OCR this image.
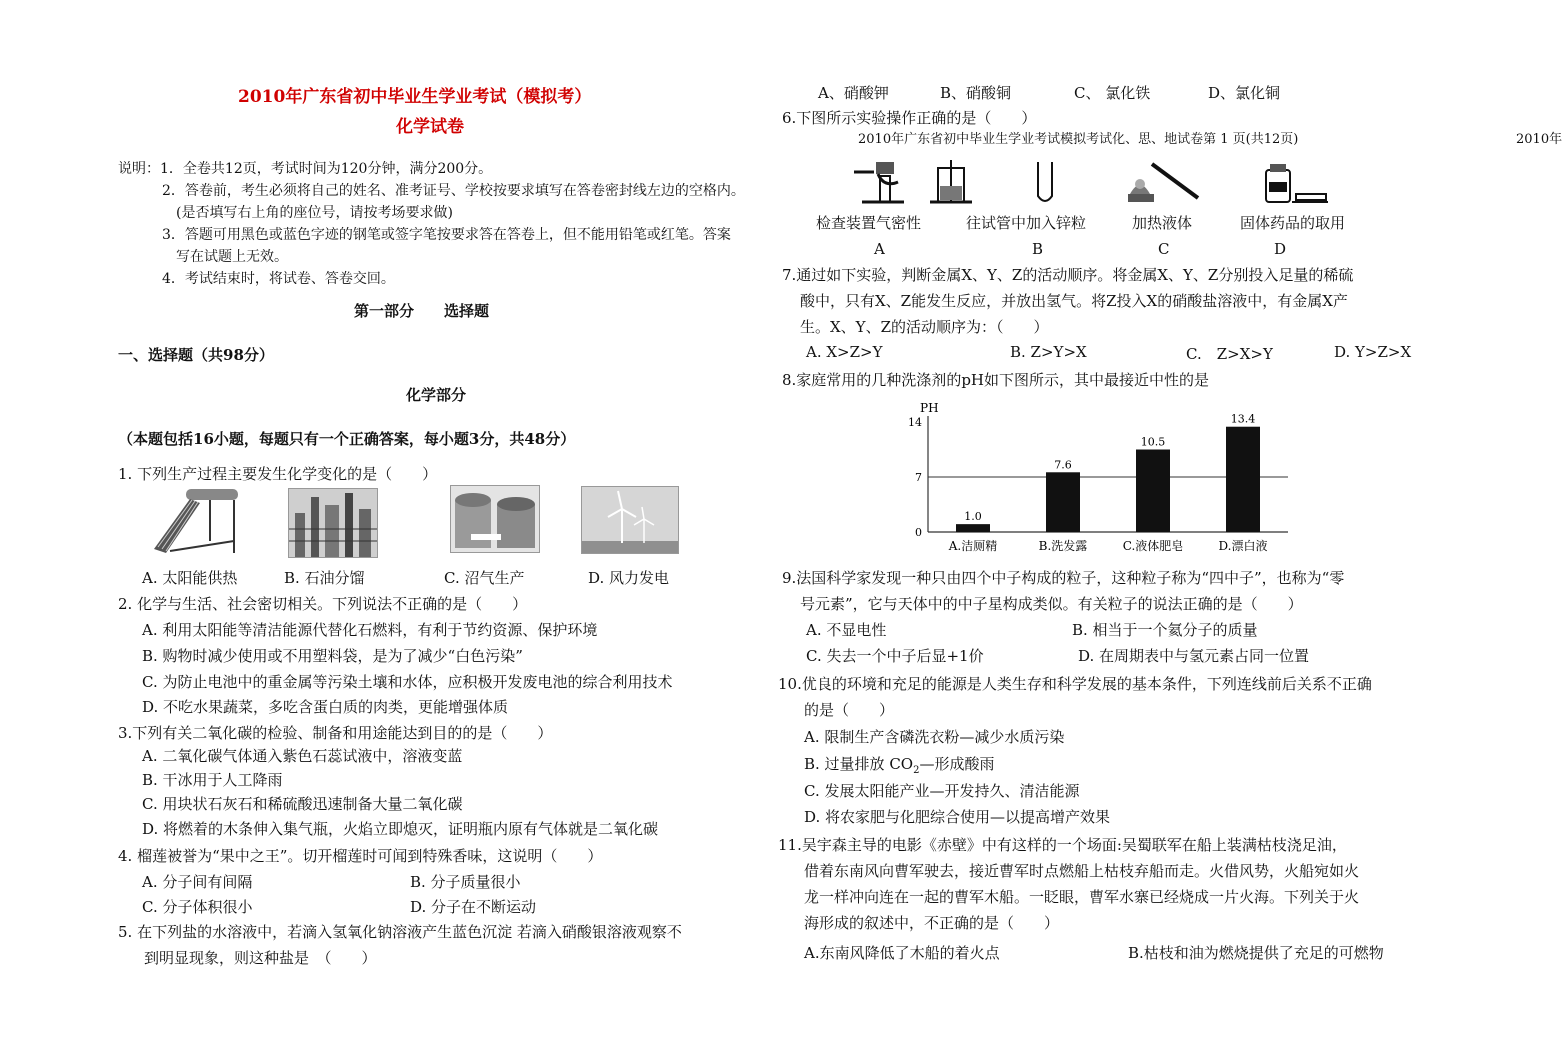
2010年广东省初中毕业生学业考试（模拟考）
化学试卷
说明：1．全卷共12页，考试时间为120分钟，满分200分。
2．答卷前，考生必须将自己的姓名、准考证号、学校按要求填写在答卷密封线左边的空格内。
(是否填写右上角的座位号，请按考场要求做)
3．答题可用黑色或蓝色字迹的钢笔或签字笔按要求答在答卷上，但不能用铅笔或红笔。答案
写在试题上无效。
4．考试结束时，将试卷、答卷交回。
第一部分　　选择题
一、选择题（共98分）
化学部分
（本题包括16小题，每题只有一个正确答案，每小题3分，共48分）
1. 下列生产过程主要发生化学变化的是（　　）
A. 太阳能供热	B. 石油分馏	C. 沼气生产	D. 风力发电
2. 化学与生活、社会密切相关。下列说法不正确的是（　　）
A. 利用太阳能等清洁能源代替化石燃料，有利于节约资源、保护环境
B. 购物时减少使用或不用塑料袋，是为了减少“白色污染”
C. 为防止电池中的重金属等污染土壤和水体，应积极开发废电池的综合利用技术
D. 不吃水果蔬菜，多吃含蛋白质的肉类，更能增强体质
3.下列有关二氧化碳的检验、制备和用途能达到目的的是（　　）
A. 二氧化碳气体通入紫色石蕊试液中，溶液变蓝
B. 干冰用于人工降雨
C. 用块状石灰石和稀硫酸迅速制备大量二氧化碳
D. 将燃着的木条伸入集气瓶，火焰立即熄灭，证明瓶内原有气体就是二氧化碳
4. 榴莲被誉为“果中之王”。切开榴莲时可闻到特殊香味，这说明（　　）
A. 分子间有间隔	B. 分子质量很小
C. 分子体积很小	D. 分子在不断运动
5. 在下列盐的水溶液中，若滴入氢氧化钠溶液产生蓝色沉淀 若滴入硝酸银溶液观察不
到明显现象，则这种盐是　（　　）
A、硝酸钾	B、硝酸铜	C、 氯化铁	D、氯化铜
6.下图所示实验操作正确的是（　　）
2010年广东省初中毕业生学业考试模拟考试化、思、地试卷第 1 页(共12页)	2010年
检查装置气密性	往试管中加入锌粒	加热液体	固体药品的取用
A	B	C	D
7.通过如下实验，判断金属X、Y、Z的活动顺序。将金属X、Y、Z分别投入足量的稀硫
酸中，只有X、Z能发生反应，并放出氢气。将Z投入X的硝酸盐溶液中，有金属X产
生。X、Y、Z的活动顺序为：（　　）
A. X>Z>Y	B. Z>Y>X	C.　Z>X>Y	D. Y>Z>X
8.家庭常用的几种洗涤剂的pH如下图所示，其中最接近中性的是
PH
0
7
14
1.0
7.6
10.5
13.4
A.洁厕精	B.洗发露	C.液体肥皂	D.漂白液
9.法国科学家发现一种只由四个中子构成的粒子，这种粒子称为“四中子”，也称为“零
号元素”，它与天体中的中子星构成类似。有关粒子的说法正确的是（　　）
A. 不显电性	B. 相当于一个氦分子的质量
C. 失去一个中子后显+1价	D. 在周期表中与氢元素占同一位置
10.优良的环境和充足的能源是人类生存和科学发展的基本条件，下列连线前后关系不正确
的是（　　）
A. 限制生产含磷洗衣粉—减少水质污染
B. 过量排放 $CO_2—$形成酸雨
C. 发展太阳能产业—开发持久、清洁能源
D. 将农家肥与化肥综合使用—以提高增产效果
11.吴宇森主导的电影《赤壁》中有这样的一个场面:吴蜀联军在船上装满枯枝浇足油，
借着东南风向曹军驶去，接近曹军时点燃船上枯枝弃船而走。火借风势，火船宛如火
龙一样冲向连在一起的曹军木船。一眨眼，曹军水寨已经烧成一片火海。下列关于火
海形成的叙述中，不正确的是（　　）
A.东南风降低了木船的着火点	B.枯枝和油为燃烧提供了充足的可燃物
